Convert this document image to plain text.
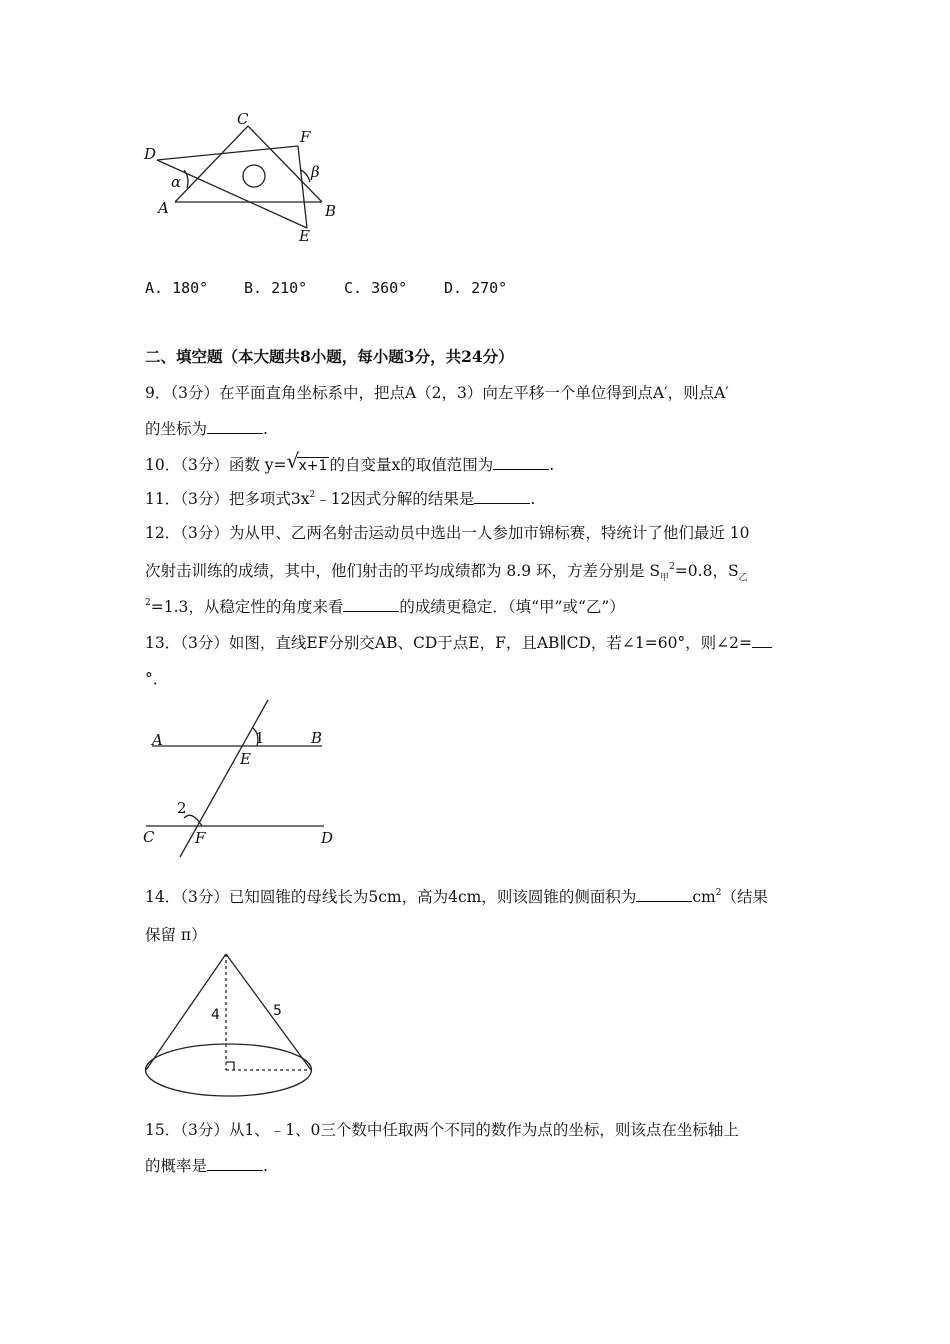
C
F
D
α
β
A	B
E
A. 180° B. 210° C. 360° D. 270°
二、填空题（本大题共8小题，每小题3分，共24分）
9．（3分）在平面直角坐标系中，把点A（2，3）向左平移一个单位得到点A′，则点A′
的坐标为	.
10．（3分）函数 y= √ x+1 的自变量x的取值范围为	.
11．（3分）把多项式$3x^2﹣12$因式分解的结果是	.
12．（3分）为从甲、乙两名射击运动员中选出一人参加市锦标赛，特统计了他们最近 10
次射击训练的成绩，其中，他们射击的平均成绩都为 8.9 环，方差分别是 $S_甲^2=0.8$，$S_乙$
$^2$=1.3，从稳定性的角度来看	的成绩更稳定．（填“甲”或“乙”）
13．（3分）如图，直线EF分别交AB、CD于点E，F，且AB∥CD，若∠1=60°，则∠2=
°．
A	1	B
E
2
C	F	D
14．（3分）已知圆锥的母线长为5cm，高为4cm，则该圆锥的侧面积为	$cm^2$（结果
保留 π）
4	5
15．（3分）从1、﹣1、0三个数中任取两个不同的数作为点的坐标，则该点在坐标轴上
的概率是	.
